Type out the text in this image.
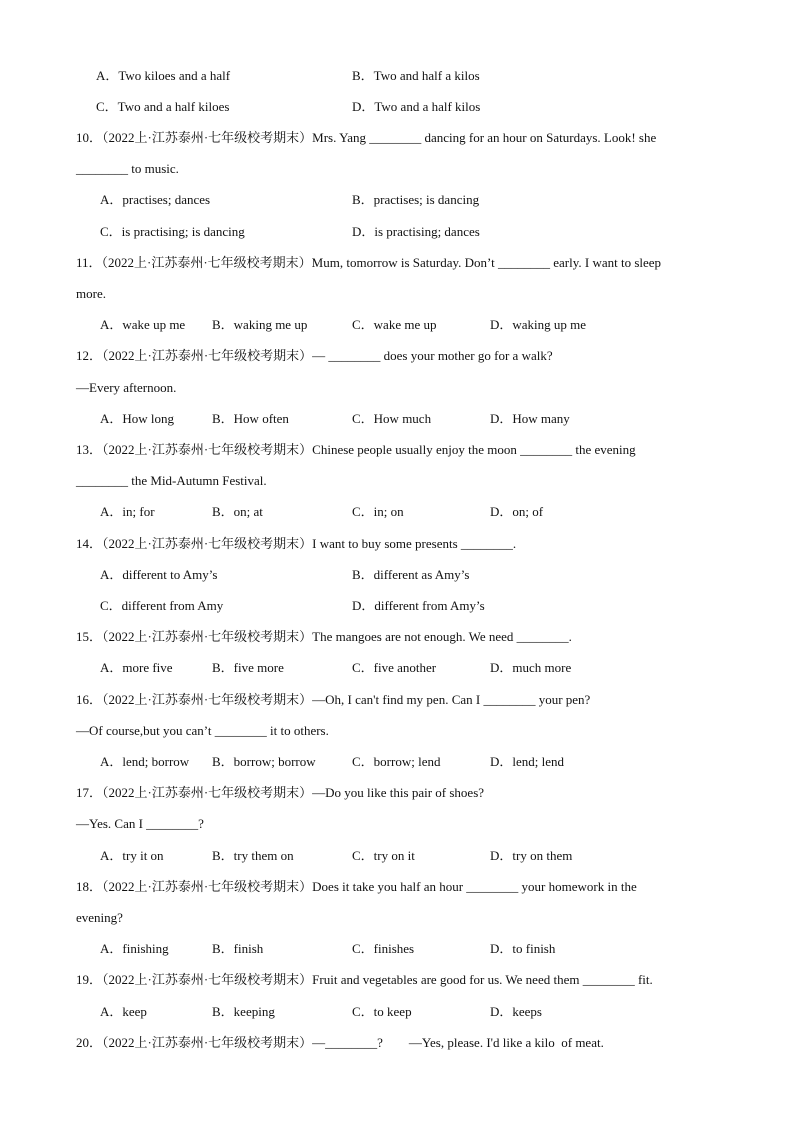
A．Two kiloes and a half	B．Two and half a kilos
C．Two and a half kiloes	D．Two and a half kilos
10．（2022上·江苏泰州·七年级校考期末）Mrs. Yang ________ dancing for an hour on Saturdays. Look! she
________ to music.
A．practises; dances	B．practises; is dancing
C．is practising; is dancing	D．is practising; dances
11．（2022上·江苏泰州·七年级校考期末）Mum, tomorrow is Saturday. Don’t ________ early. I want to sleep
more.
A．wake up me B．waking me up	C．wake me up	D．waking up me
12．（2022上·江苏泰州·七年级校考期末）— ________ does your mother go for a walk?
—Every afternoon.
A．How long	B．How often	C．How much	D．How many
13．（2022上·江苏泰州·七年级校考期末）Chinese people usually enjoy the moon ________ the evening
________ the Mid-Autumn Festival.
A．in; for	B．on; at	C．in; on	D．on; of
14．（2022上·江苏泰州·七年级校考期末）I want to buy some presents ________.
A．different to Amy’s	B．different as Amy’s
C．different from Amy	D．different from Amy’s
15．（2022上·江苏泰州·七年级校考期末）The mangoes are not enough. We need ________.
A．more five	B．five more	C．five another	D．much more
16．（2022上·江苏泰州·七年级校考期末）—Oh, I can't find my pen. Can I ________ your pen?
—Of course,but you can’t ________ it to others.
A．lend; borrow B．borrow; borrow	C．borrow; lend	D．lend; lend
17．（2022上·江苏泰州·七年级校考期末）—Do you like this pair of shoes?
—Yes. Can I ________?
A．try it on	B．try them on	C．try on it	D．try on them
18．（2022上·江苏泰州·七年级校考期末）Does it take you half an hour ________ your homework in the
evening?
A．finishing	B．finish	C．finishes	D．to finish
19．（2022上·江苏泰州·七年级校考期末）Fruit and vegetables are good for us. We need them ________ fit.
A．keep	B．keeping	C．to keep	D．keeps
20．（2022上·江苏泰州·七年级校考期末）—________?        —Yes, please. I'd like a kilo  of meat.
